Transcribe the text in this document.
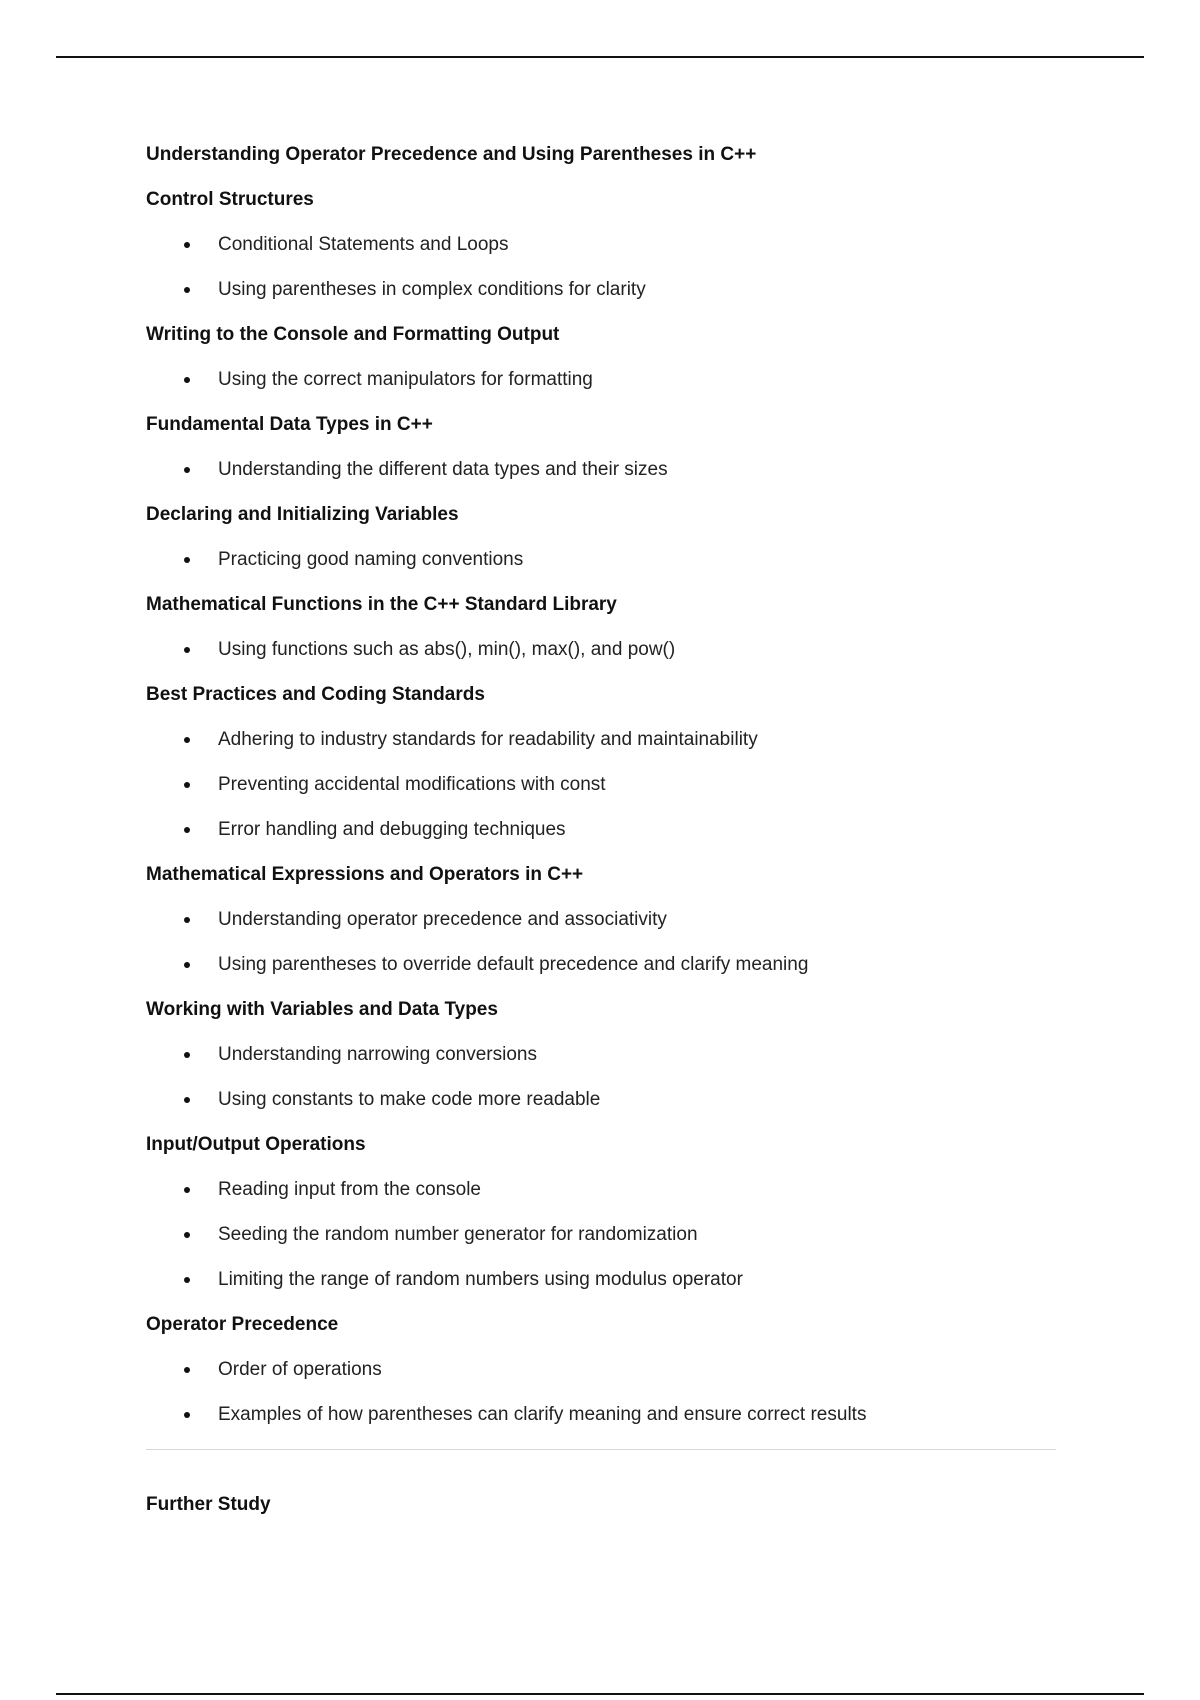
Understanding Operator Precedence and Using Parentheses in C++
Control Structures
Conditional Statements and Loops
Using parentheses in complex conditions for clarity
Writing to the Console and Formatting Output
Using the correct manipulators for formatting
Fundamental Data Types in C++
Understanding the different data types and their sizes
Declaring and Initializing Variables
Practicing good naming conventions
Mathematical Functions in the C++ Standard Library
Using functions such as abs(), min(), max(), and pow()
Best Practices and Coding Standards
Adhering to industry standards for readability and maintainability
Preventing accidental modifications with const
Error handling and debugging techniques
Mathematical Expressions and Operators in C++
Understanding operator precedence and associativity
Using parentheses to override default precedence and clarify meaning
Working with Variables and Data Types
Understanding narrowing conversions
Using constants to make code more readable
Input/Output Operations
Reading input from the console
Seeding the random number generator for randomization
Limiting the range of random numbers using modulus operator
Operator Precedence
Order of operations
Examples of how parentheses can clarify meaning and ensure correct results
Further Study
